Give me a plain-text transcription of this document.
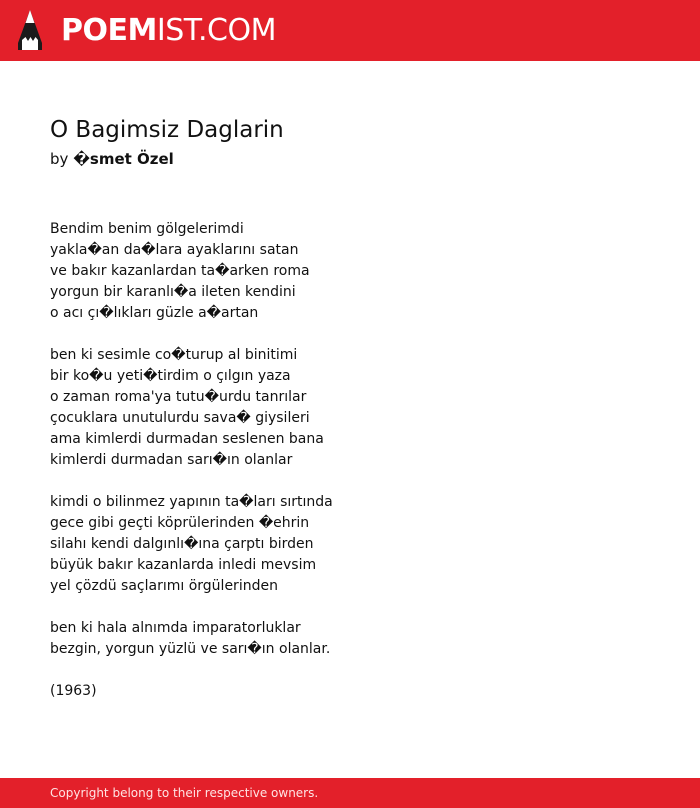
POEMIST.COM
O Bagimsiz Daglarin
by �smet Özel
Bendim benim gölgelerimdi
yakla�an da�lara ayaklarını satan
ve bakır kazanlardan ta�arken roma
yorgun bir karanlı�a ileten kendini
o acı çı�lıkları güzle a�artan
ben ki sesimle co�turup al binitimi
bir ko�u yeti�tirdim o çılgın yaza
o zaman roma'ya tutu�urdu tanrılar
çocuklara unutulurdu sava� giysileri
ama kimlerdi durmadan seslenen bana
kimlerdi durmadan sarı�ın olanlar
kimdi o bilinmez yapının ta�ları sırtında
gece gibi geçti köprülerinden �ehrin
silahı kendi dalgınlı�ına çarptı birden
büyük bakır kazanlarda inledi mevsim
yel çözdü saçlarımı örgülerinden
ben ki hala alnımda imparatorluklar
bezgin, yorgun yüzlü ve sarı�ın olanlar.
(1963)
Copyright belong to their respective owners.
